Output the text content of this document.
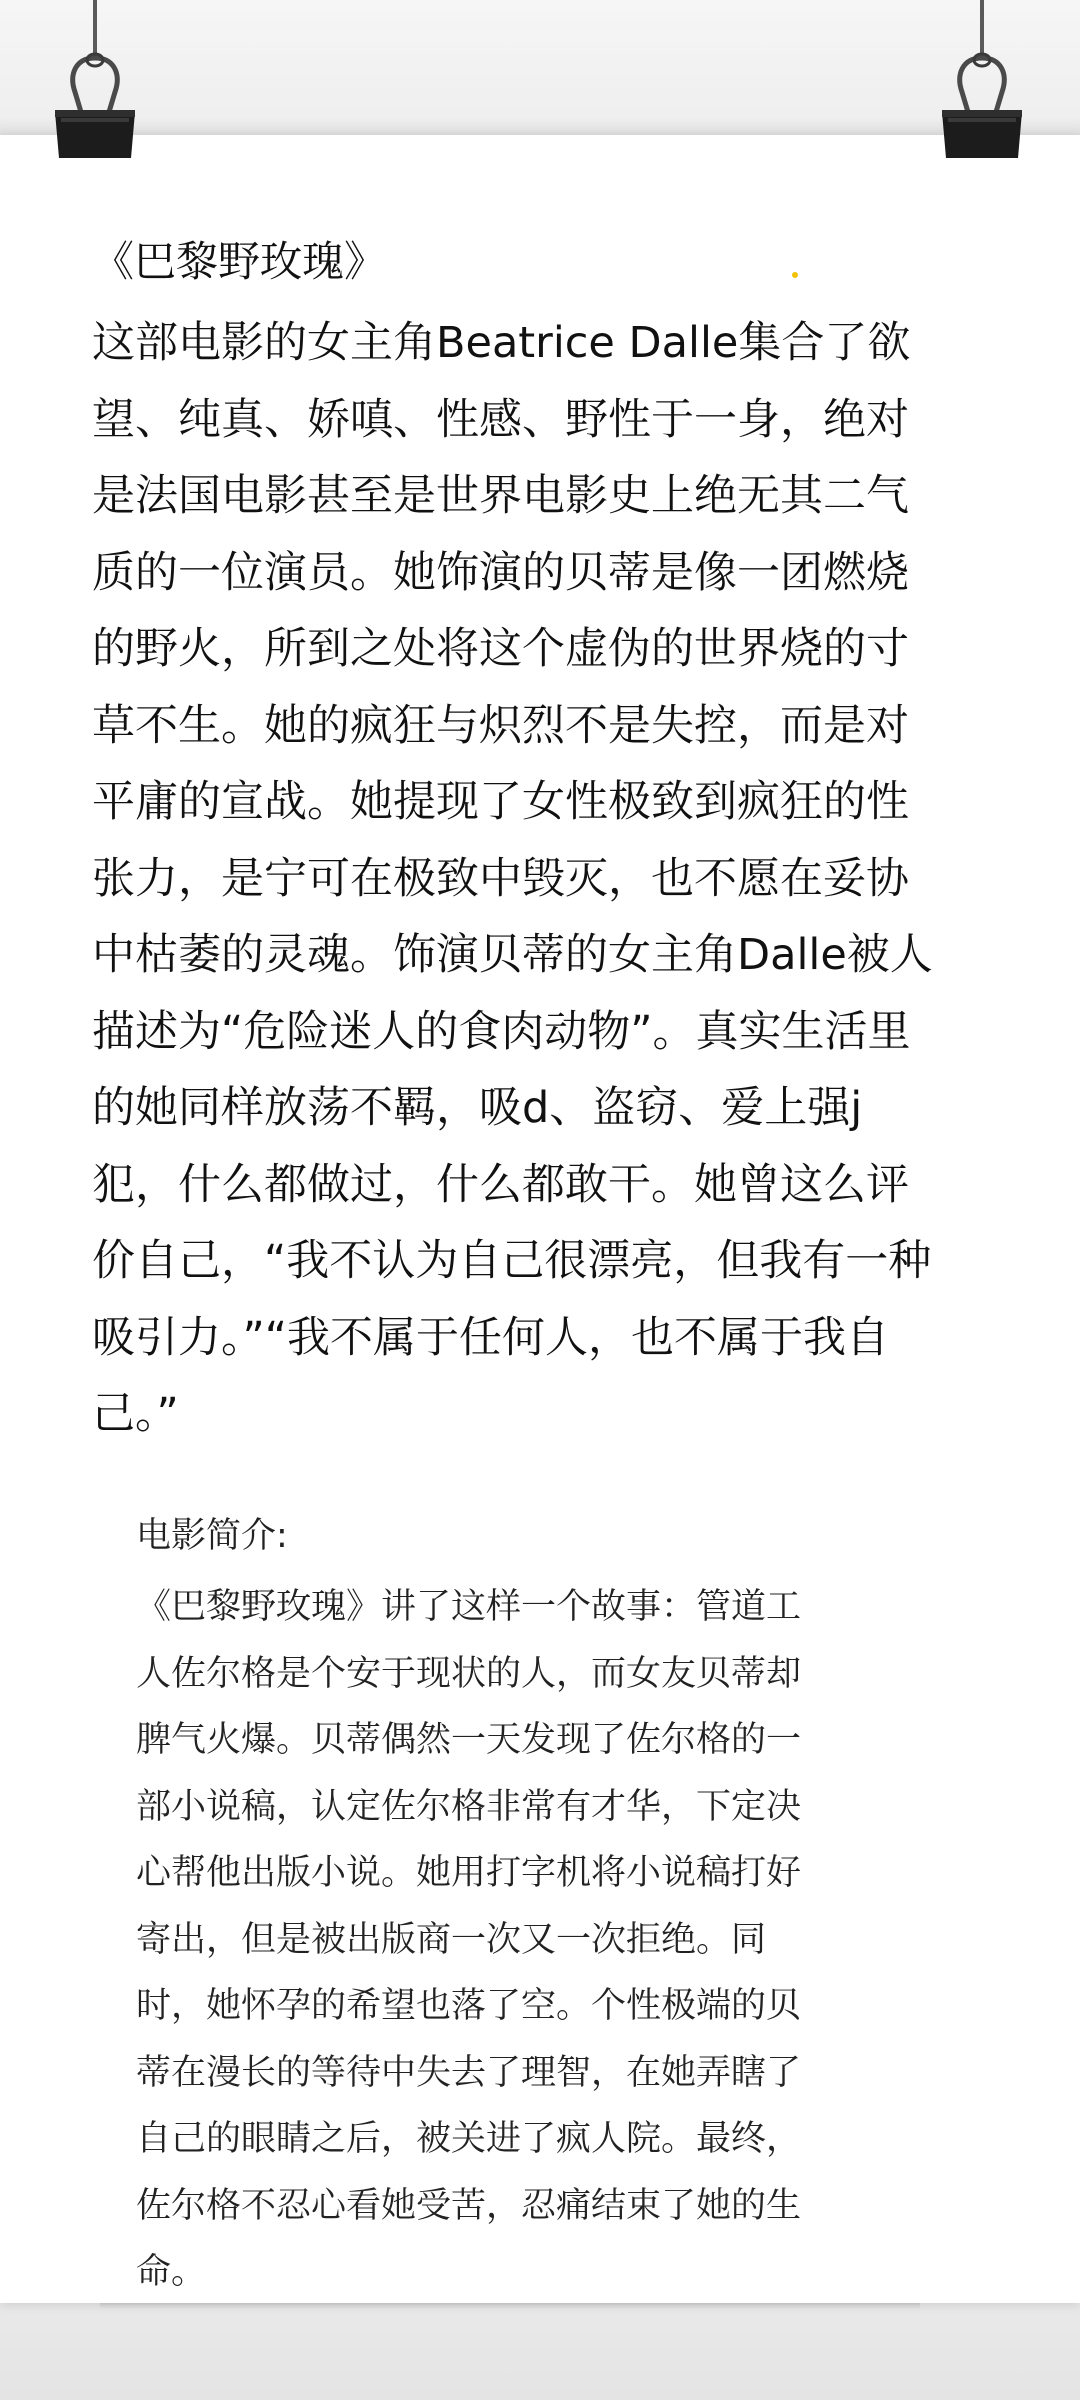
《巴黎野玫瑰》
这部电影的女主角Beatrice Dalle集合了欲
望、纯真、娇嗔、性感、野性于一身，绝对
是法国电影甚至是世界电影史上绝无其二气
质的一位演员。她饰演的贝蒂是像一团燃烧
的野火，所到之处将这个虚伪的世界烧的寸
草不生。她的疯狂与炽烈不是失控，而是对
平庸的宣战。她提现了女性极致到疯狂的性
张力，是宁可在极致中毁灭，也不愿在妥协
中枯萎的灵魂。饰演贝蒂的女主角Dalle被人
描述为“危险迷人的食肉动物”。真实生活里
的她同样放荡不羁，吸d、盗窃、爱上强j
犯，什么都做过，什么都敢干。她曾这么评
价自己，“我不认为自己很漂亮，但我有一种
吸引力。”“我不属于任何人，也不属于我自
己。”
电影简介:
《巴黎野玫瑰》讲了这样一个故事：管道工
人佐尔格是个安于现状的人，而女友贝蒂却
脾气火爆。贝蒂偶然一天发现了佐尔格的一
部小说稿，认定佐尔格非常有才华，下定决
心帮他出版小说。她用打字机将小说稿打好
寄出，但是被出版商一次又一次拒绝。同
时，她怀孕的希望也落了空。个性极端的贝
蒂在漫长的等待中失去了理智，在她弄瞎了
自己的眼睛之后，被关进了疯人院。最终，
佐尔格不忍心看她受苦，忍痛结束了她的生
命。
